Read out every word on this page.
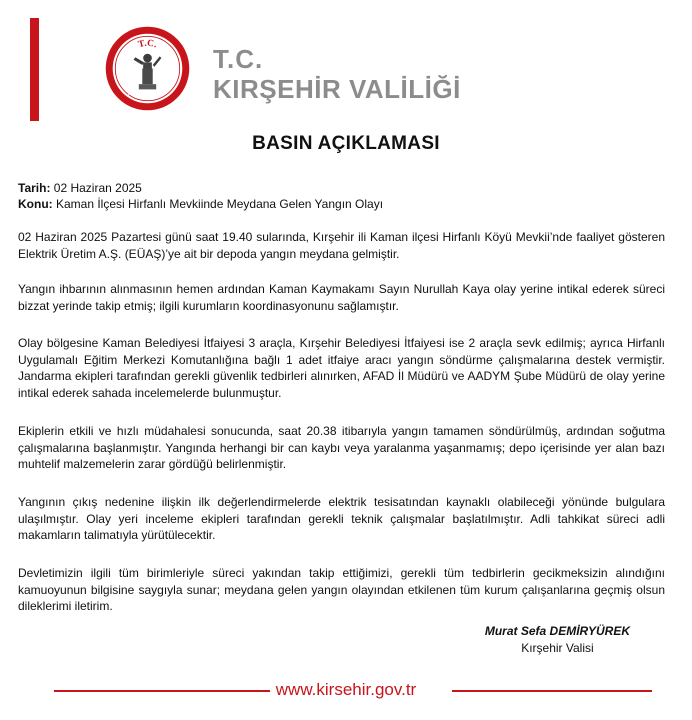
T.C.
KIRŞEHİR VALİLİĞİ
T.C.
KIRŞEHİR VALİLİĞİ
BASIN AÇIKLAMASI
Tarih: 02 Haziran 2025
Konu: Kaman İlçesi Hirfanlı Mevkiinde Meydana Gelen Yangın Olayı
02 Haziran 2025 Pazartesi günü saat 19.40 sularında, Kırşehir ili Kaman ilçesi Hirfanlı Köyü Mevkii’nde faaliyet gösteren Elektrik Üretim A.Ş. (EÜAŞ)’ye ait bir depoda yangın meydana gelmiştir.
Yangın ihbarının alınmasının hemen ardından Kaman Kaymakamı Sayın Nurullah Kaya olay yerine intikal ederek süreci bizzat yerinde takip etmiş; ilgili kurumların koordinasyonunu sağlamıştır.
Olay bölgesine Kaman Belediyesi İtfaiyesi 3 araçla, Kırşehir Belediyesi İtfaiyesi ise 2 araçla sevk edilmiş; ayrıca Hirfanlı Uygulamalı Eğitim Merkezi Komutanlığına bağlı 1 adet itfaiye aracı yangın söndürme çalışmalarına destek vermiştir. Jandarma ekipleri tarafından gerekli güvenlik tedbirleri alınırken, AFAD İl Müdürü ve AADYM Şube Müdürü de olay yerine intikal ederek sahada incelemelerde bulunmuştur.
Ekiplerin etkili ve hızlı müdahalesi sonucunda, saat 20.38 itibarıyla yangın tamamen söndürülmüş, ardından soğutma çalışmalarına başlanmıştır. Yangında herhangi bir can kaybı veya yaralanma yaşanmamış; depo içerisinde yer alan bazı muhtelif malzemelerin zarar gördüğü belirlenmiştir.
Yangının çıkış nedenine ilişkin ilk değerlendirmelerde elektrik tesisatından kaynaklı olabileceği yönünde bulgulara ulaşılmıştır. Olay yeri inceleme ekipleri tarafından gerekli teknik çalışmalar başlatılmıştır. Adli tahkikat süreci adli makamların talimatıyla yürütülecektir.
Devletimizin ilgili tüm birimleriyle süreci yakından takip ettiğimizi, gerekli tüm tedbirlerin gecikmeksizin alındığını kamuoyunun bilgisine saygıyla sunar; meydana gelen yangın olayından etkilenen tüm kurum çalışanlarına geçmiş olsun dileklerimi iletirim.
Murat Sefa DEMİRYÜREK
Kırşehir Valisi
www.kirsehir.gov.tr
